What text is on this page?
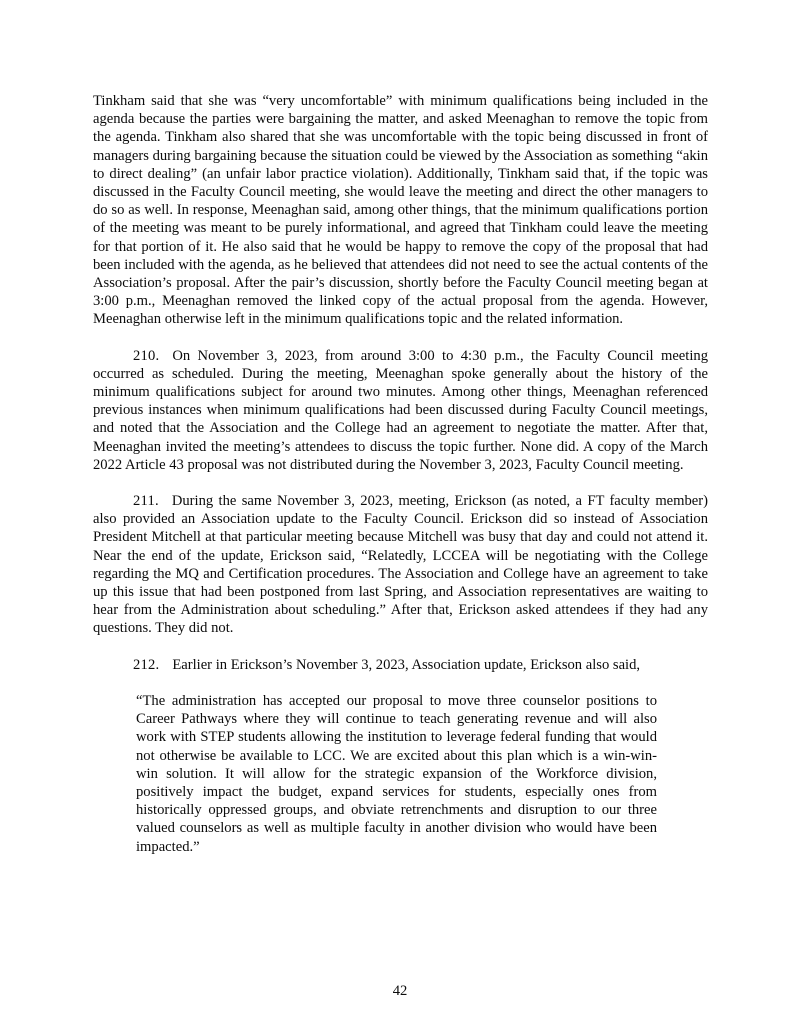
Tinkham said that she was “very uncomfortable” with minimum qualifications being included in the agenda because the parties were bargaining the matter, and asked Meenaghan to remove the topic from the agenda. Tinkham also shared that she was uncomfortable with the topic being discussed in front of managers during bargaining because the situation could be viewed by the Association as something “akin to direct dealing” (an unfair labor practice violation). Additionally, Tinkham said that, if the topic was discussed in the Faculty Council meeting, she would leave the meeting and direct the other managers to do so as well. In response, Meenaghan said, among other things, that the minimum qualifications portion of the meeting was meant to be purely informational, and agreed that Tinkham could leave the meeting for that portion of it. He also said that he would be happy to remove the copy of the proposal that had been included with the agenda, as he believed that attendees did not need to see the actual contents of the Association’s proposal. After the pair’s discussion, shortly before the Faculty Council meeting began at 3:00 p.m., Meenaghan removed the linked copy of the actual proposal from the agenda. However, Meenaghan otherwise left in the minimum qualifications topic and the related information.

210. On November 3, 2023, from around 3:00 to 4:30 p.m., the Faculty Council meeting occurred as scheduled. During the meeting, Meenaghan spoke generally about the history of the minimum qualifications subject for around two minutes. Among other things, Meenaghan referenced previous instances when minimum qualifications had been discussed during Faculty Council meetings, and noted that the Association and the College had an agreement to negotiate the matter. After that, Meenaghan invited the meeting’s attendees to discuss the topic further. None did. A copy of the March 2022 Article 43 proposal was not distributed during the November 3, 2023, Faculty Council meeting.

211. During the same November 3, 2023, meeting, Erickson (as noted, a FT faculty member) also provided an Association update to the Faculty Council. Erickson did so instead of Association President Mitchell at that particular meeting because Mitchell was busy that day and could not attend it. Near the end of the update, Erickson said, “Relatedly, LCCEA will be negotiating with the College regarding the MQ and Certification procedures. The Association and College have an agreement to take up this issue that had been postponed from last Spring, and Association representatives are waiting to hear from the Administration about scheduling.” After that, Erickson asked attendees if they had any questions. They did not.

212. Earlier in Erickson’s November 3, 2023, Association update, Erickson also said,

“The administration has accepted our proposal to move three counselor positions to Career Pathways where they will continue to teach generating revenue and will also work with STEP students allowing the institution to leverage federal funding that would not otherwise be available to LCC. We are excited about this plan which is a win-win-win solution. It will allow for the strategic expansion of the Workforce division, positively impact the budget, expand services for students, especially ones from historically oppressed groups, and obviate retrenchments and disruption to our three valued counselors as well as multiple faculty in another division who would have been impacted.”
42
